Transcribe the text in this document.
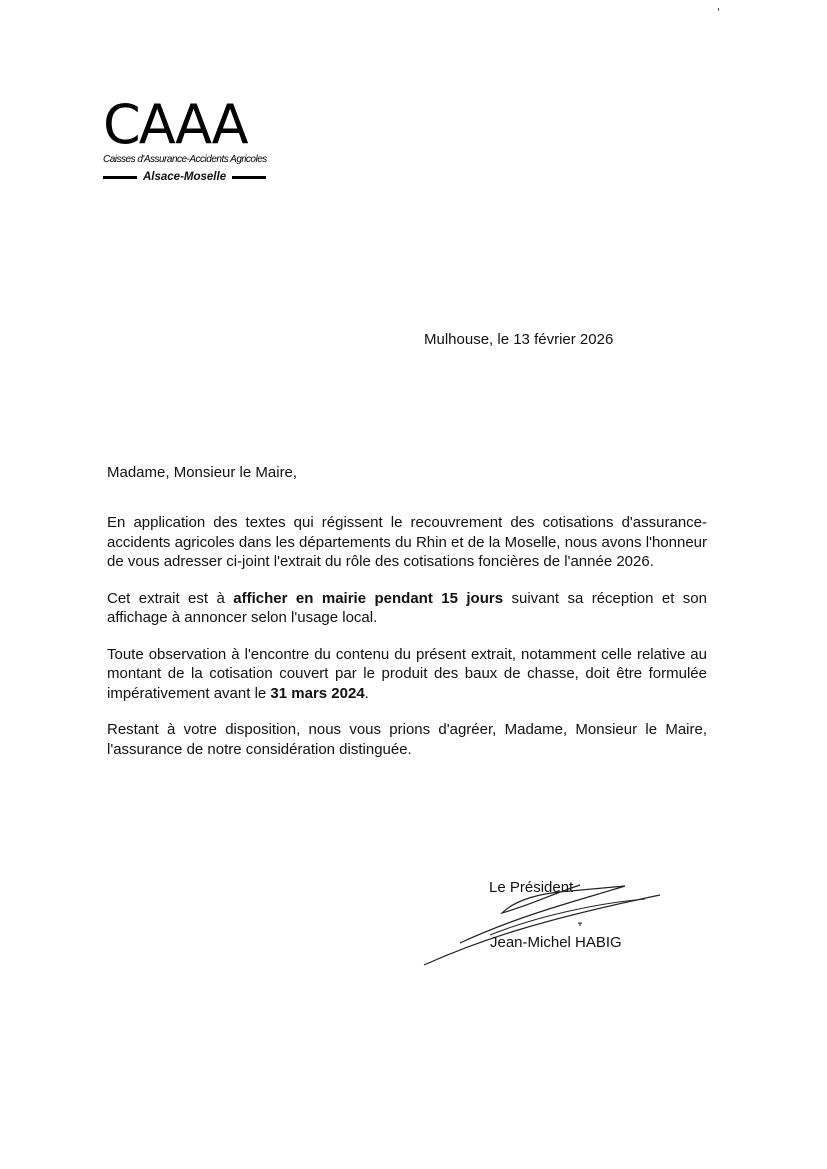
CAAA
Caisses d'Assurance-Accidents Agricoles
Alsace-Moselle
Mulhouse, le 13 février 2026
Madame, Monsieur le Maire,

En application des textes qui régissent le recouvrement des cotisations d'assurance-accidents agricoles dans les départements du Rhin et de la Moselle, nous avons l'honneur de vous adresser ci-joint l'extrait du rôle des cotisations foncières de l'année 2026.

Cet extrait est à afficher en mairie pendant 15 jours suivant sa réception et son affichage à annoncer selon l'usage local.

Toute observation à l'encontre du contenu du présent extrait, notamment celle relative au montant de la cotisation couvert par le produit des baux de chasse, doit être formulée impérativement avant le 31 mars 2024.

Restant à votre disposition, nous vous prions d'agréer, Madame, Monsieur le Maire, l'assurance de notre considération distinguée.

Le Président
Jean-Michel HABIG
